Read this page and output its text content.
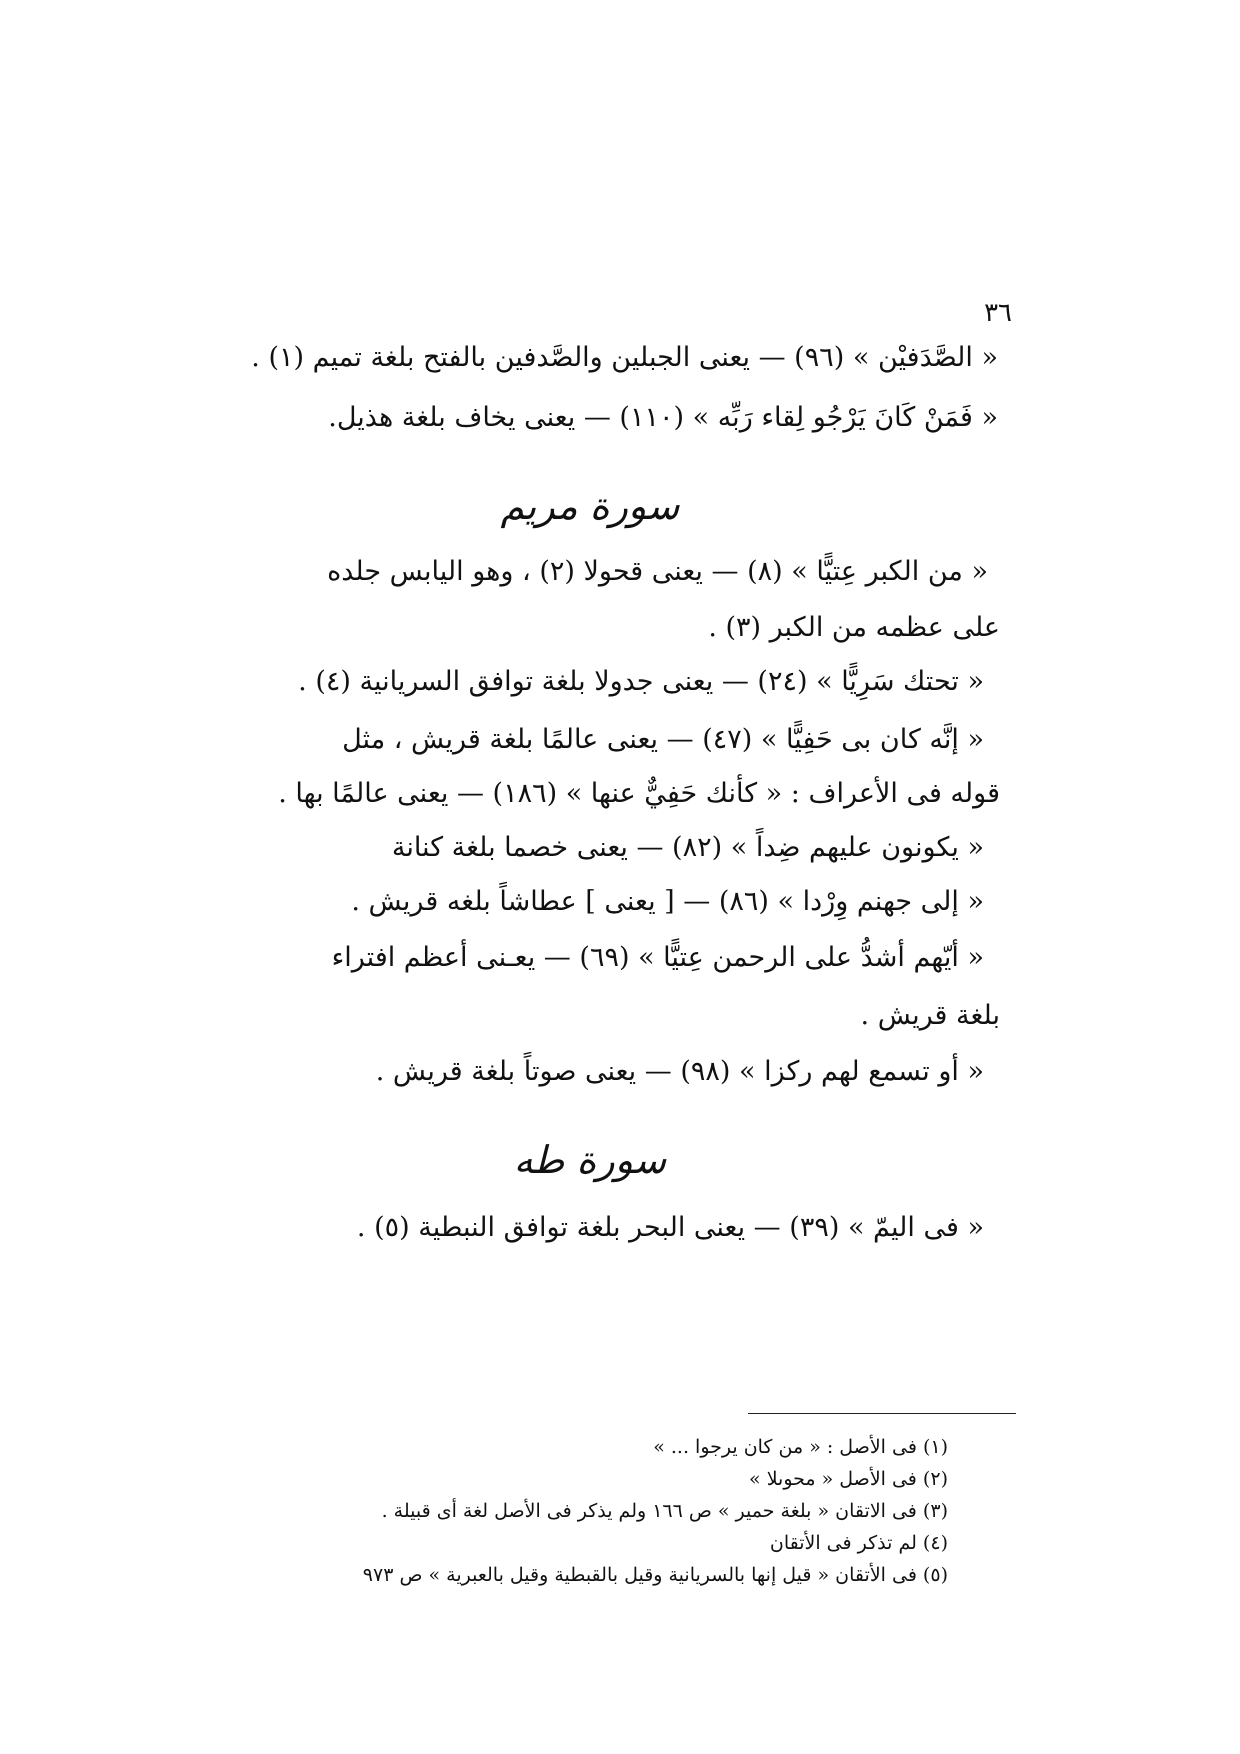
٣٦
« الصَّدَفيْن » (٩٦) — يعنى الجبلين والصَّدفين بالفتح بلغة تميم (١) .
« فَمَنْ كَانَ يَرْجُو لِقاء رَبِّه » (١١٠) — يعنى يخاف بلغة هذيل.
سورة مريم
« من الكبر عِتيًّا » (٨) — يعنى قحولا (٢) ، وهو اليابس جلده
على عظمه من الكبر (٣) .
« تحتك سَرِيًّا » (٢٤) — يعنى جدولا بلغة توافق السريانية (٤) .
« إنَّه كان بى حَفِيًّا » (٤٧) — يعنى عالمًا بلغة قريش ، مثل
قوله فى الأعراف : « كأنك حَفِيٌّ عنها » (١٨٦) — يعنى عالمًا بها .
« يكونون عليهم ضِداً » (٨٢) — يعنى خصما بلغة كنانة
« إلى جهنم وِرْدا » (٨٦) — [ يعنى ] عطاشاً بلغه قريش .
« أيّهم أشدُّ على الرحمن عِتيًّا » (٦٩) — يعـنى أعظم افتراء
بلغة قريش .
« أو تسمع لهم ركزا » (٩٨) — يعنى صوتاً بلغة قريش .
سورة طه
« فى اليمّ » (٣٩) — يعنى البحر بلغة توافق النبطية (٥) .
(١) فى الأصل : « من كان يرجوا ... »
(٢) فى الأصل « محوىلا »
(٣) فى الاتقان « بلغة حمير » ص ١٦٦ ولم يذكر فى الأصل لغة أى قبيلة .
(٤) لم تذكر فى الأتقان
(٥) فى الأتقان « قيل إنها بالسريانية وقيل بالقبطية وقيل بالعبرية » ص ٩٧٣
